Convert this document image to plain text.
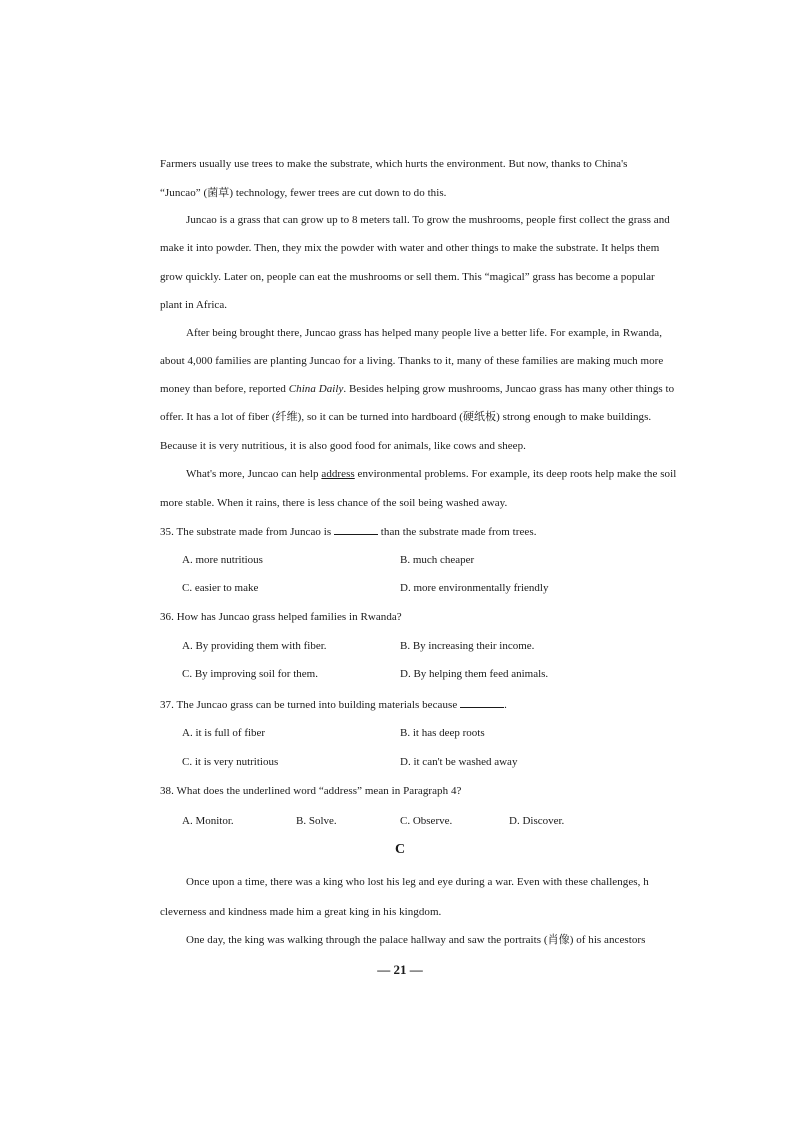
Farmers usually use trees to make the substrate, which hurts the environment. But now, thanks to China's
“Juncao” (菌草) technology, fewer trees are cut down to do this.
Juncao is a grass that can grow up to 8 meters tall. To grow the mushrooms, people first collect the grass and
make it into powder. Then, they mix the powder with water and other things to make the substrate. It helps them
grow quickly. Later on, people can eat the mushrooms or sell them. This “magical” grass has become a popular
plant in Africa.
After being brought there, Juncao grass has helped many people live a better life. For example, in Rwanda,
about 4,000 families are planting Juncao for a living. Thanks to it, many of these families are making much more
money than before, reported China Daily. Besides helping grow mushrooms, Juncao grass has many other things to
offer. It has a lot of fiber (纤维), so it can be turned into hardboard (硬纸板) strong enough to make buildings.
Because it is very nutritious, it is also good food for animals, like cows and sheep.
What's more, Juncao can help address environmental problems. For example, its deep roots help make the soil
more stable. When it rains, there is less chance of the soil being washed away.
35. The substrate made from Juncao is	than the substrate made from trees.
A. more nutritious	B. much cheaper
C. easier to make	D. more environmentally friendly
36. How has Juncao grass helped families in Rwanda?
A. By providing them with fiber.	B. By increasing their income.
C. By improving soil for them.	D. By helping them feed animals.
37. The Juncao grass can be turned into building materials because	.
A. it is full of fiber	B. it has deep roots
C. it is very nutritious	D. it can't be washed away
38. What does the underlined word “address” mean in Paragraph 4?
A. Monitor.	B. Solve.	C. Observe.	D. Discover.
C
Once upon a time, there was a king who lost his leg and eye during a war. Even with these challenges, h
cleverness and kindness made him a great king in his kingdom.
One day, the king was walking through the palace hallway and saw the portraits (肖像) of his ancestors
— 21 —
